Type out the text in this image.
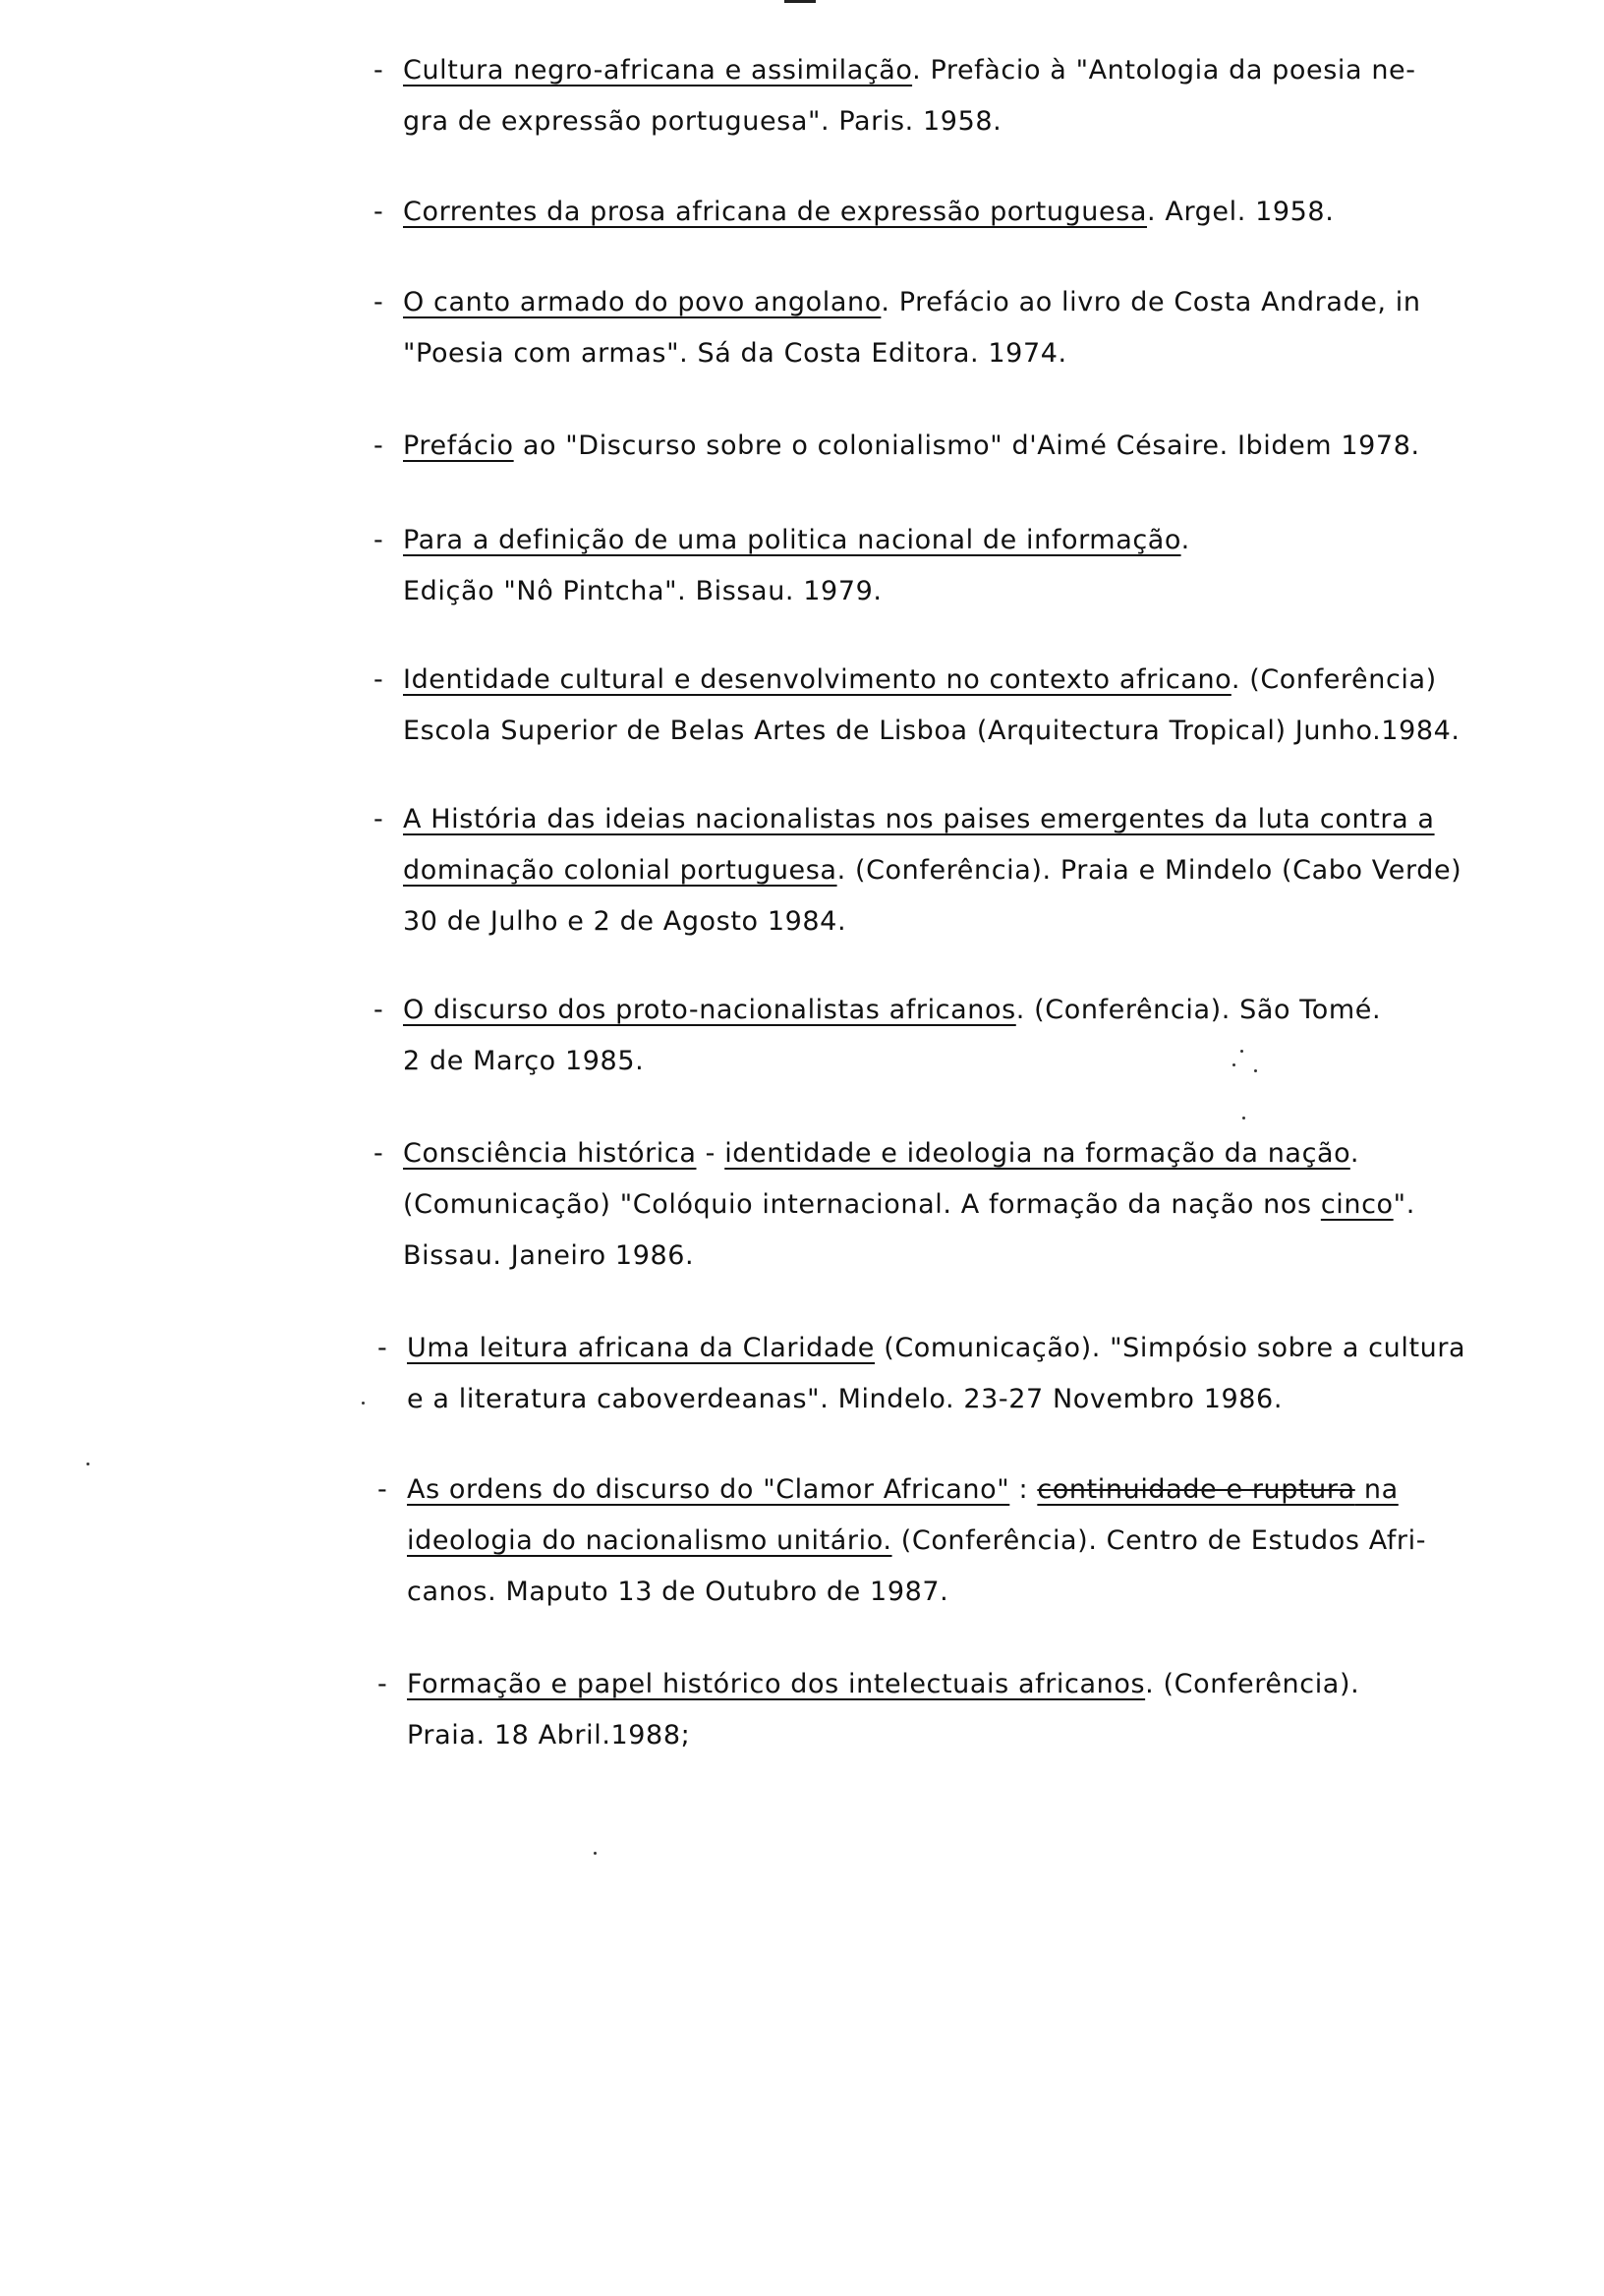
- Cultura negro-africana e assimilação. Prefàcio à "Antologia da poesia ne-
gra de expressão portuguesa". Paris. 1958.
- Correntes da prosa africana de expressão portuguesa. Argel. 1958.
- O canto armado do povo angolano. Prefácio ao livro de Costa Andrade, in
"Poesia com armas". Sá da Costa Editora. 1974.
- Prefácio ao "Discurso sobre o colonialismo" d'Aimé Césaire. Ibidem 1978.
- Para a definição de uma politica nacional de informação.
Edição "Nô Pintcha". Bissau. 1979.
- Identidade cultural e desenvolvimento no contexto africano. (Conferência)
Escola Superior de Belas Artes de Lisboa (Arquitectura Tropical) Junho.1984.
- A História das ideias nacionalistas nos paises emergentes da luta contra a
dominação colonial portuguesa. (Conferência). Praia e Mindelo (Cabo Verde)
30 de Julho e 2 de Agosto 1984.
- O discurso dos proto-nacionalistas africanos. (Conferência). São Tomé.
2 de Março 1985.
- Consciência histórica - identidade e ideologia na formação da nação.
(Comunicação) "Colóquio internacional. A formação da nação nos cinco".
Bissau. Janeiro 1986.
- Uma leitura africana da Claridade (Comunicação). "Simpósio sobre a cultura
e a literatura caboverdeanas". Mindelo. 23-27 Novembro 1986.
- As ordens do discurso do "Clamor Africano" : continuidade e ruptura na
ideologia do nacionalismo unitário. (Conferência). Centro de Estudos Afri-
canos. Maputo 13 de Outubro de 1987.
- Formação e papel histórico dos intelectuais africanos. (Conferência).
Praia. 18 Abril.1988;
